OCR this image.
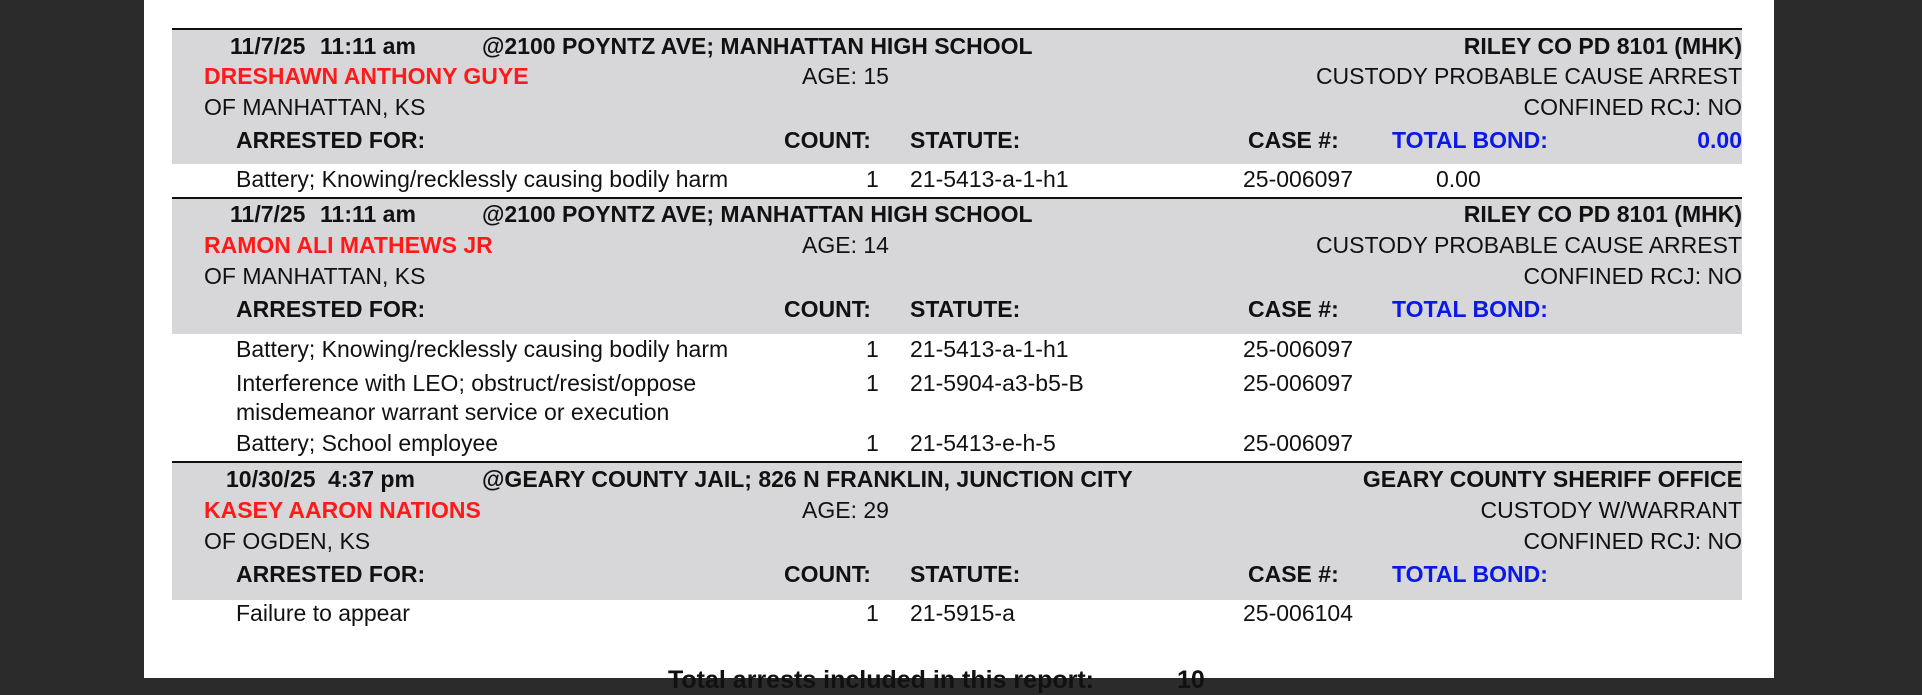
11/7/25 11:11 am	@2100 POYNTZ AVE; MANHATTAN HIGH SCHOOL	RILEY CO PD 8101 (MHK)
DRESHAWN ANTHONY GUYE	AGE: 15	CUSTODY PROBABLE CAUSE ARREST
OF MANHATTAN, KS	CONFINED RCJ: NO
ARRESTED FOR:	COUNT: STATUTE:	CASE #: TOTAL BOND:	0.00
Battery; Knowing/recklessly causing bodily harm	1 21-5413-a-1-h1	25-006097	0.00
11/7/25 11:11 am	@2100 POYNTZ AVE; MANHATTAN HIGH SCHOOL	RILEY CO PD 8101 (MHK)
RAMON ALI MATHEWS JR	AGE: 14	CUSTODY PROBABLE CAUSE ARREST
OF MANHATTAN, KS	CONFINED RCJ: NO
ARRESTED FOR:	COUNT: STATUTE:	CASE #: TOTAL BOND:
Battery; Knowing/recklessly causing bodily harm	1 21-5413-a-1-h1	25-006097
Interference with LEO; obstruct/resist/oppose
misdemeanor warrant service or execution
1 21-5904-a3-b5-B	25-006097
Battery; School employee	1 21-5413-e-h-5	25-006097
10/30/25 4:37 pm	@GEARY COUNTY JAIL; 826 N FRANKLIN, JUNCTION CITY	GEARY COUNTY SHERIFF OFFICE
KASEY AARON NATIONS	AGE: 29	CUSTODY W/WARRANT
OF OGDEN, KS	CONFINED RCJ: NO
ARRESTED FOR:	COUNT: STATUTE:	CASE #: TOTAL BOND:
Failure to appear	1 21-5915-a	25-006104
Total arrests included in this report:	10
